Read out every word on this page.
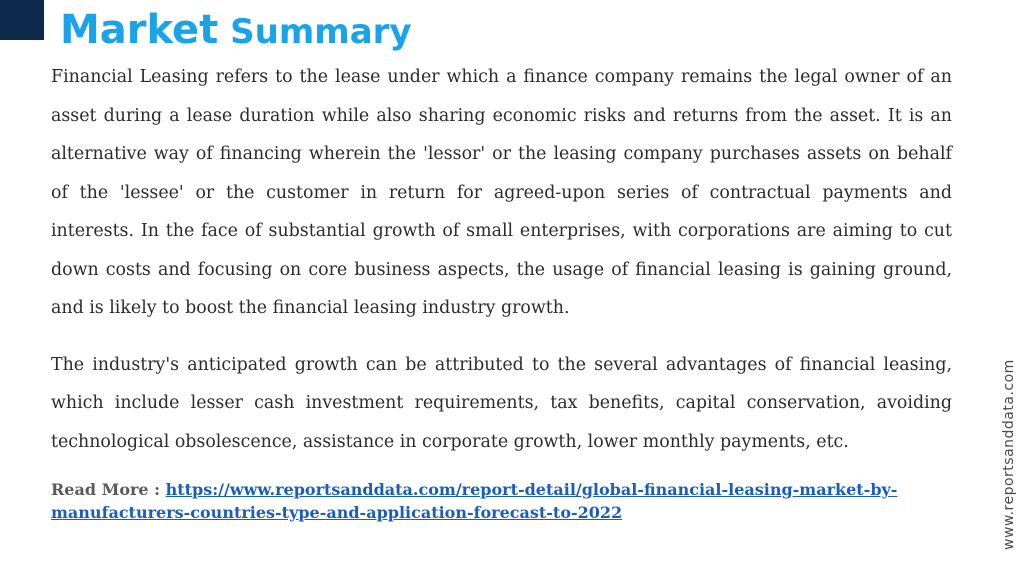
Market Summary

Financial Leasing refers to the lease under which a finance company remains the legal owner of an asset during a lease duration while also sharing economic risks and returns from the asset. It is an alternative way of financing wherein the 'lessor' or the leasing company purchases assets on behalf of the 'lessee' or the customer in return for agreed-upon series of contractual payments and interests. In the face of substantial growth of small enterprises, with corporations are aiming to cut down costs and focusing on core business aspects, the usage of financial leasing is gaining ground, and is likely to boost the financial leasing industry growth.

The industry's anticipated growth can be attributed to the several advantages of financial leasing, which include lesser cash investment requirements, tax benefits, capital conservation, avoiding technological obsolescence, assistance in corporate growth, lower monthly payments, etc.

Read More : https://www.reportsanddata.com/report-detail/global-financial-leasing-market-by-manufacturers-countries-type-and-application-forecast-to-2022	www.reportsanddata.com
